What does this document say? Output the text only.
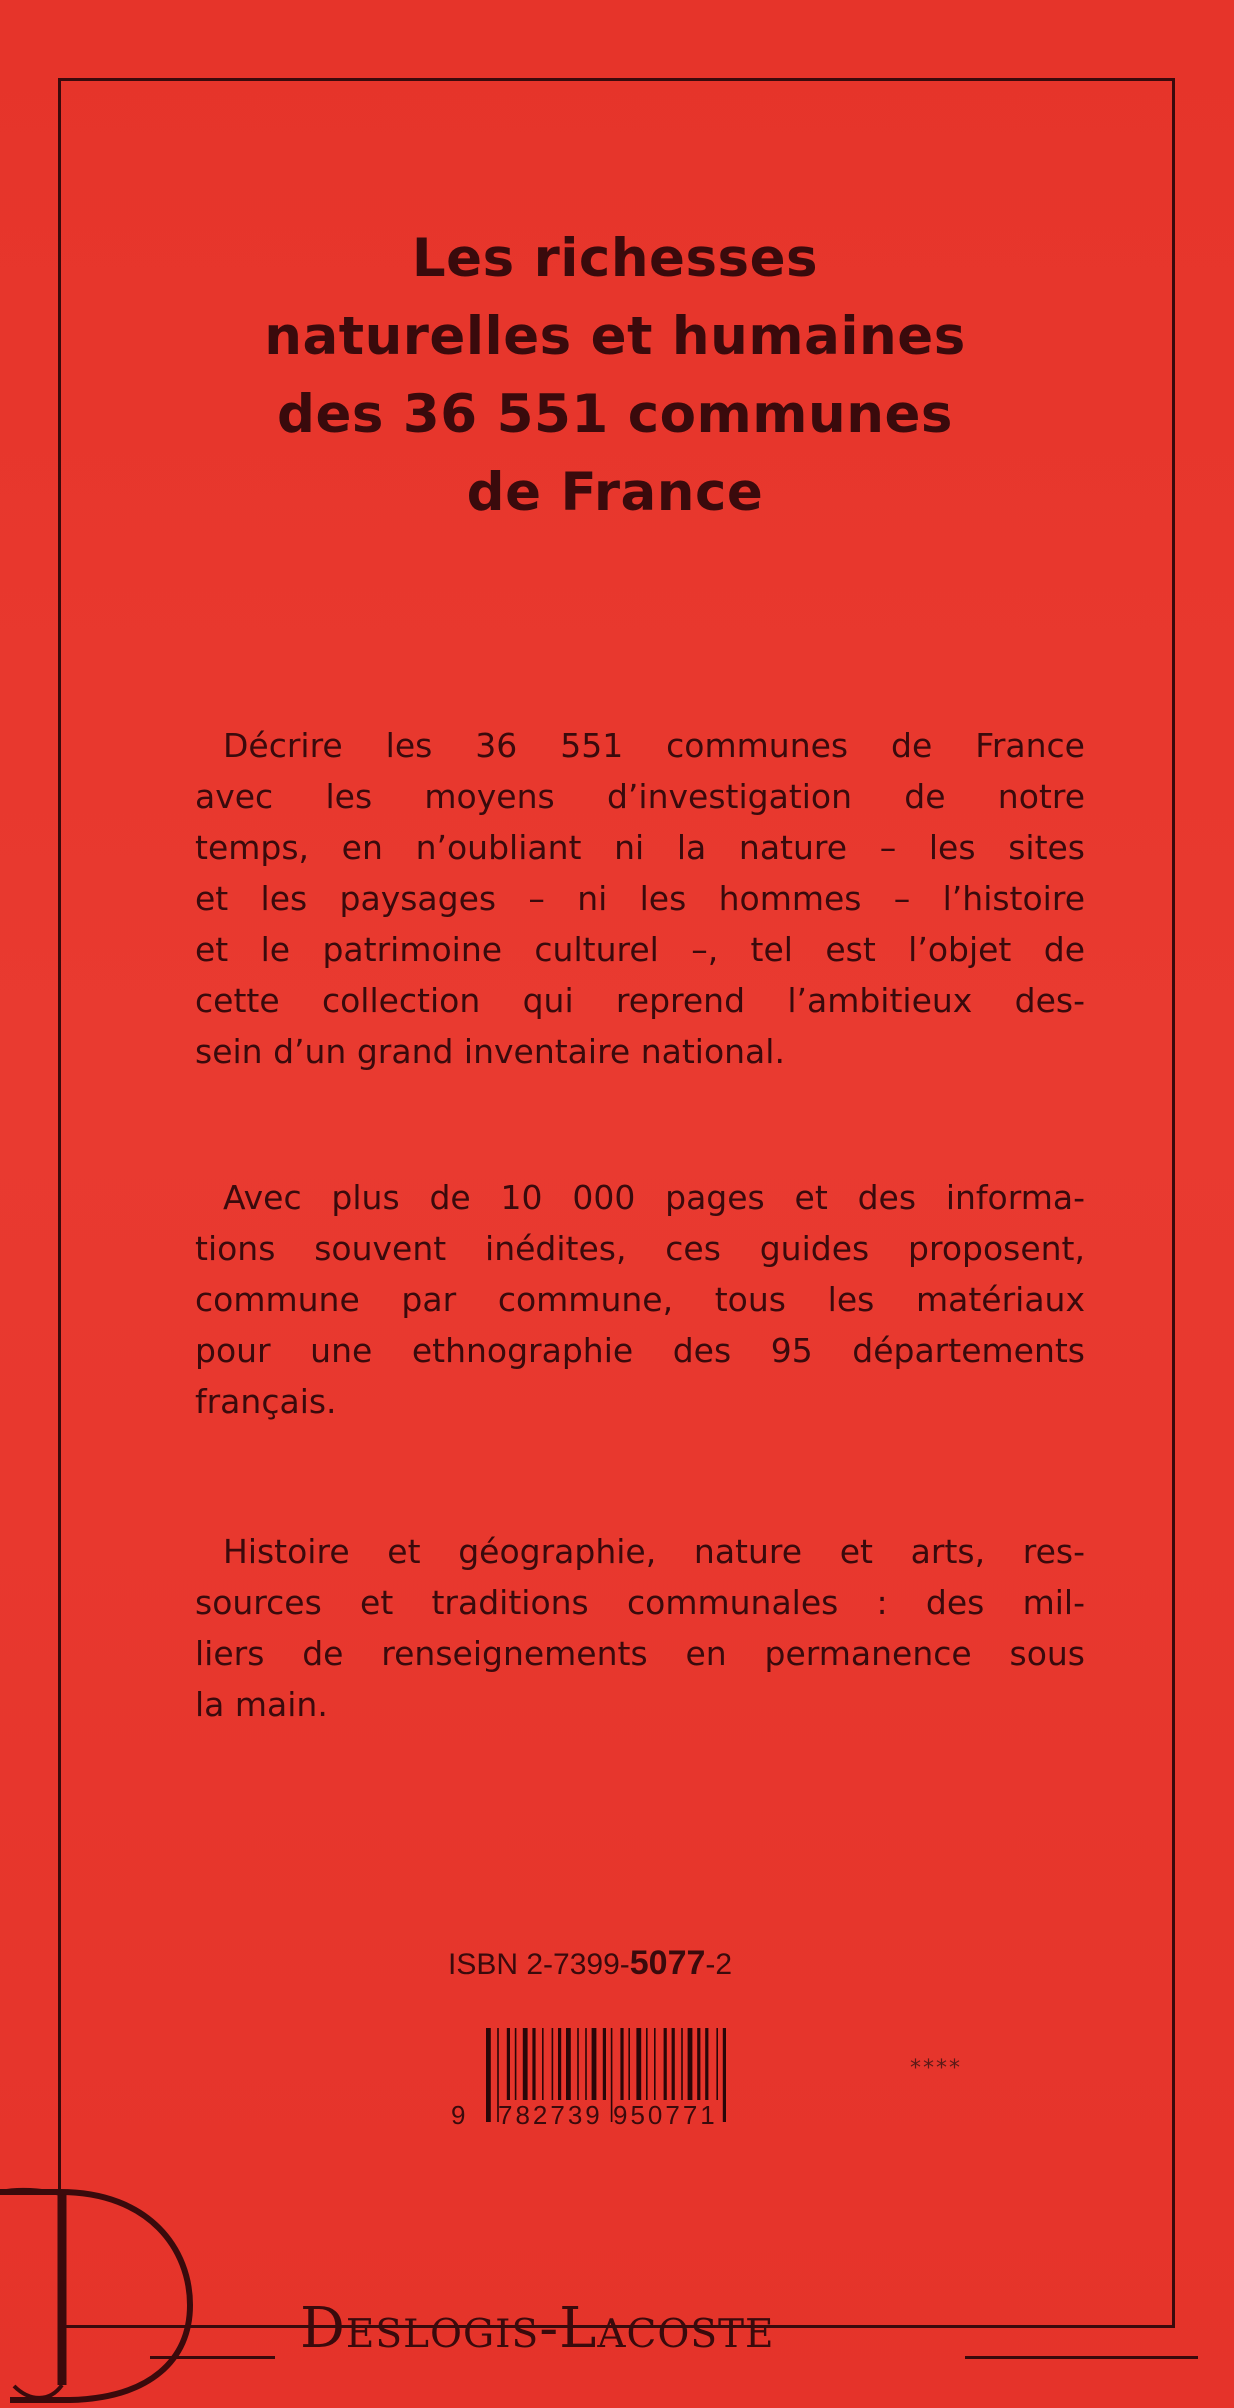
Les richesses
naturelles et humaines
des 36 551 communes
de France
Décrire les 36 551 communes de France
avec les moyens d’investigation de notre
temps, en n’oubliant ni la nature – les sites
et les paysages – ni les hommes – l’histoire
et le patrimoine culturel –, tel est l’objet de
cette collection qui reprend l’ambitieux des-
sein d’un grand inventaire national.
Avec plus de 10 000 pages et des informa-
tions souvent inédites, ces guides proposent,
commune par commune, tous les matériaux
pour une ethnographie des 95 départements
français.
Histoire et géographie, nature et arts, res-
sources et traditions communales : des mil-
liers de renseignements en permanence sous
la main.
ISBN 2-7399-5077-2
9 782739 950771
****
Deslogis-Lacoste
